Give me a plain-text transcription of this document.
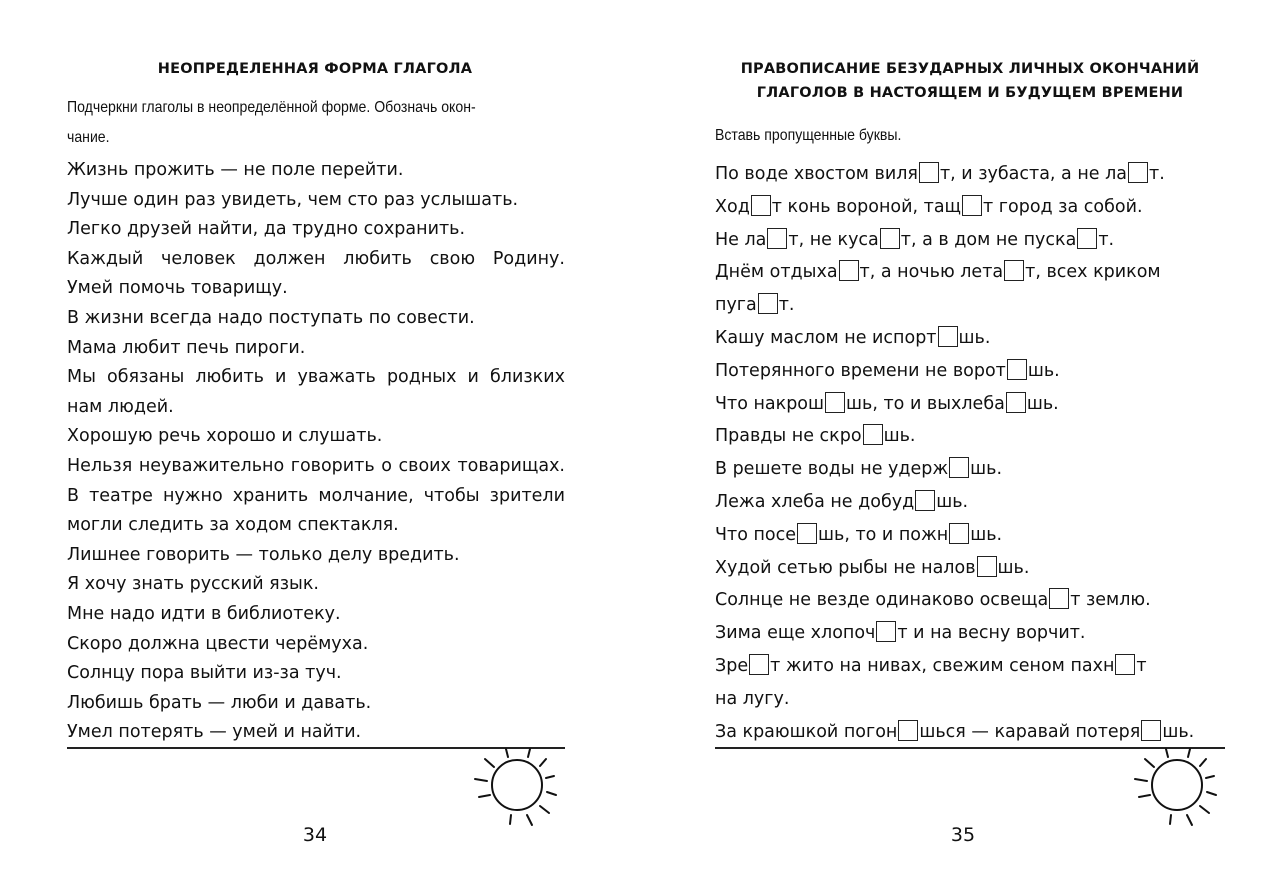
НЕОПРЕДЕЛЕННАЯ ФОРМА ГЛАГОЛА
Подчеркни глаголы в неопределённой форме. Обозначь окон-
чание.
Жизнь прожить — не поле перейти.
Лучше один раз увидеть, чем сто раз услышать.
Легко друзей найти, да трудно сохранить.
Каждый человек должен любить свою Родину.
Умей помочь товарищу.
В жизни всегда надо поступать по совести.
Мама любит печь пироги.
Мы обязаны любить и уважать родных и близких
нам людей.
Хорошую речь хорошо и слушать.
Нельзя неуважительно говорить о своих товарищах.
В театре нужно хранить молчание, чтобы зрители
могли следить за ходом спектакля.
Лишнее говорить — только делу вредить.
Я хочу знать русский язык.
Мне надо идти в библиотеку.
Скоро должна цвести черёмуха.
Солнцу пора выйти из-за туч.
Любишь брать — люби и давать.
Умел потерять — умей и найти.
34
ПРАВОПИСАНИЕ БЕЗУДАРНЫХ ЛИЧНЫХ ОКОНЧАНИЙ
ГЛАГОЛОВ В НАСТОЯЩЕМ И БУДУЩЕМ ВРЕМЕНИ
Вставь пропущенные буквы.
По воде хвостом виля т, и зубаста, а не ла т.
Ход т конь вороной, тащ т город за собой.
Не ла т, не куса т, а в дом не пуска т.
Днём отдыха т, а ночью лета т, всех криком
пуга т.
Кашу маслом не испорт шь.
Потерянного времени не ворот шь.
Что накрош шь, то и выхлеба шь.
Правды не скро шь.
В решете воды не удерж шь.
Лежа хлеба не добуд шь.
Что посе шь, то и пожн шь.
Худой сетью рыбы не налов шь.
Солнце не везде одинаково освеща т землю.
Зима еще хлопоч т и на весну ворчит.
Зре т жито на нивах, свежим сеном пахн т
на лугу.
За краюшкой погон шься — каравай потеря шь.
35
